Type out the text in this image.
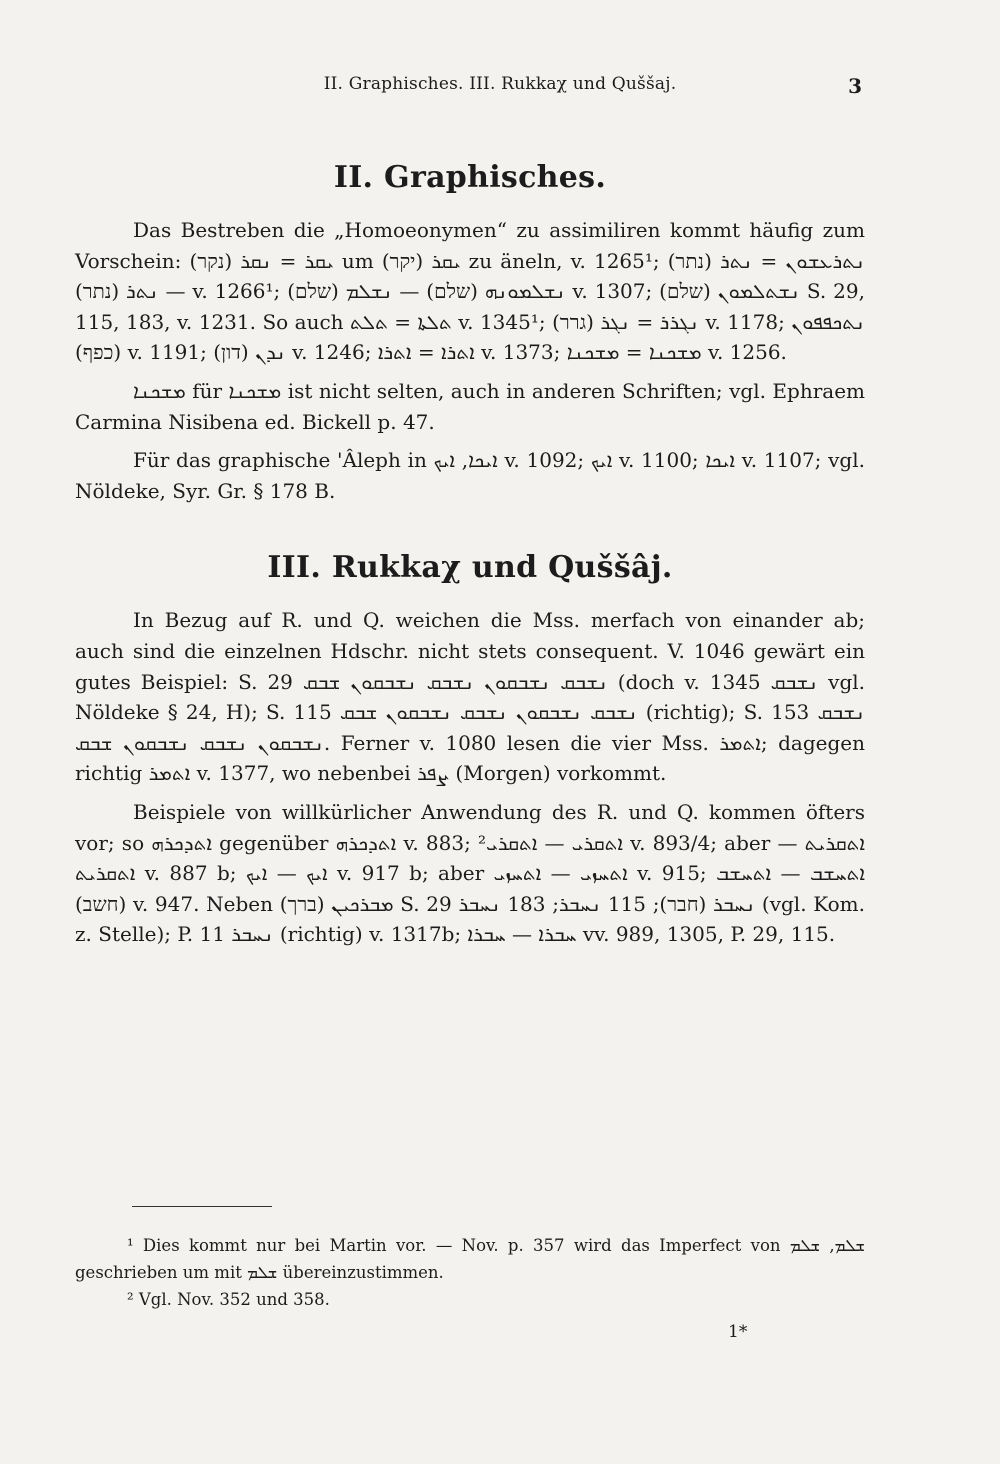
II. Graphisches. III. Rukkaχ und Quššaj.	3
II. Graphisches.

Das Bestreben die „Homoeonymen“ zu assimiliren kommt häufig zum Vorschein: ܝܩܪ = ܢܩܪ (נקר) um ܝܩܪ (יקר) zu äneln, v. 1265¹; ܢܬܪܥܫܘܢ = ܢܬܪ (נתר) — ܢܬܪ (נתר) v. 1266¹; ܢܫܠܡܘܢܗ (שלם) — ܢܫܠܡ (שלם) v. 1307; ܢܫܬܠܡܘܢ (שלם) S. 29, 115, 183, v. 1231. So auch ܬܠܬܐ = ܬܠܬ v. 1345¹; ܢܓܪܪ = ܢܓܪ (גרר) v. 1178; ܢܬܟܦܦܘܢ (כפף) v. 1191; ܢܕܢ (דון) v. 1246; ܐܬܪܐ = ܐܬܪܐ v. 1373; ܡܫܟܢܐ = ܡܫܟܢܐ v. 1256.

ܡܫܟܢܐ für ܡܫܟܢܐ ist nicht selten, auch in anderen Schriften; vgl. Ephraem Carmina Nisibena ed. Bickell p. 47.

Für das graphische 'Âleph in ܐܝܟܐ, ܐܝܟ v. 1092; ܐܝܟ v. 1100; ܐܝܟܐ v. 1107; vgl. Nöldeke, Syr. Gr. § 178 B.

III. Rukkaχ und Quššâj.

In Bezug auf R. und Q. weichen die Mss. merfach von einander ab; auch sind die einzelnen Hdschr. nicht stets consequent. V. 1046 gewärt ein gutes Beispiel: S. 29 ܢܫܒܩ ܢܫܒܩܘܢ ܢܫܒܩ ܢܫܒܩܘܢ ܫܒܩ (doch v. 1345 ܢܫܒܩ vgl. Nöldeke § 24, H); S. 115 ܢܫܒܩ ܢܫܒܩܘܢ ܢܫܒܩ ܢܫܒܩܘܢ ܫܒܩ (richtig); S. 153 ܢܫܒܩ ܢܫܒܩܘܢ ܢܫܒܩ ܢܫܒܩܘܢ ܫܒܩ. Ferner v. 1080 lesen die vier Mss. ܐܬܡܪ; dagegen richtig ܐܬܡܪ v. 1377, wo nebenbei ܨܦܪ (Morgen) vorkommt.

Beispiele von willkürlicher Anwendung des R. und Q. kommen öfters vor; so ܐܬܕܟܪܗ gegenüber ܐܬܕܟܪܗ v. 883; ܐܬܩܪܝ — ܐܬܩܪܝ² v. 893/4; aber ܐܬܩܪܝܬ — ܐܬܩܪܝܬ v. 887 b; ܐܝܟ — ܐܝܟ v. 917 b; aber ܐܬܚܙܝ — ܐܬܚܙܝ v. 915; ܐܬܚܫܒ — ܐܬܚܫܒ (חשב) v. 947. Neben ܡܒܪܟܝܢ (ברך) S. 29 ܢܚܒܪ (חבר); 115 ܢܚܒܪ; 183 ܢܚܒܪ (vgl. Kom. z. Stelle); P. 11 ܢܚܒܪ (richtig) v. 1317b; ܚܒܪܐ — ܚܒܪܐ vv. 989, 1305, P. 29, 115.

¹ Dies kommt nur bei Martin vor. — Nov. p. 357 wird das Imperfect von ܫܠܡ, ܫܠܡ geschrieben um mit ܫܠܡ übereinzustimmen.

² Vgl. Nov. 352 und 358.

1*
